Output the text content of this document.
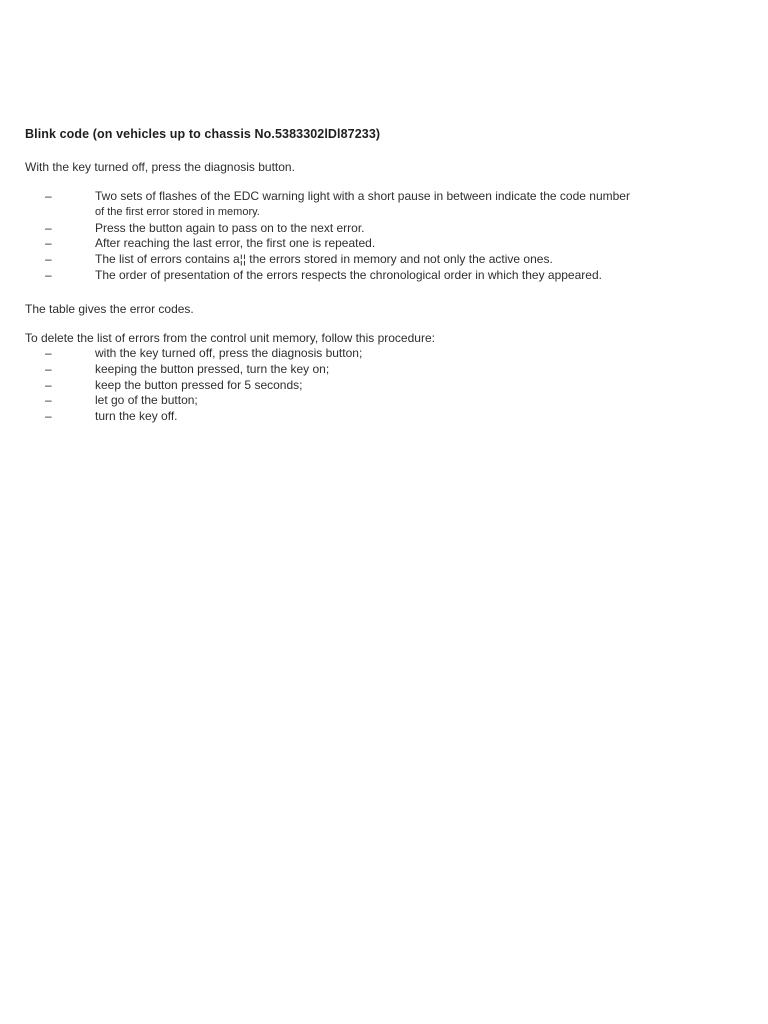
Blink code (on vehicles up to chassis No.5383302lDl87233)
With the key turned off, press the diagnosis button.
–	Two sets of flashes of the EDC warning light with a short pause in between indicate the code number
of the first error stored in memory.
–	Press the button again to pass on to the next error.
–	After reaching the last error, the first one is repeated.
–	The list of errors contains a¦¦ the errors stored in memory and not only the active ones.
–	The order of presentation of the errors respects the chronological order in which they appeared.
The table gives the error codes.
To delete the list of errors from the control unit memory, follow this procedure:
–	with the key turned off, press the diagnosis button;
–	keeping the button pressed, turn the key on;
–	keep the button pressed for 5 seconds;
–	let go of the button;
–	turn the key off.
